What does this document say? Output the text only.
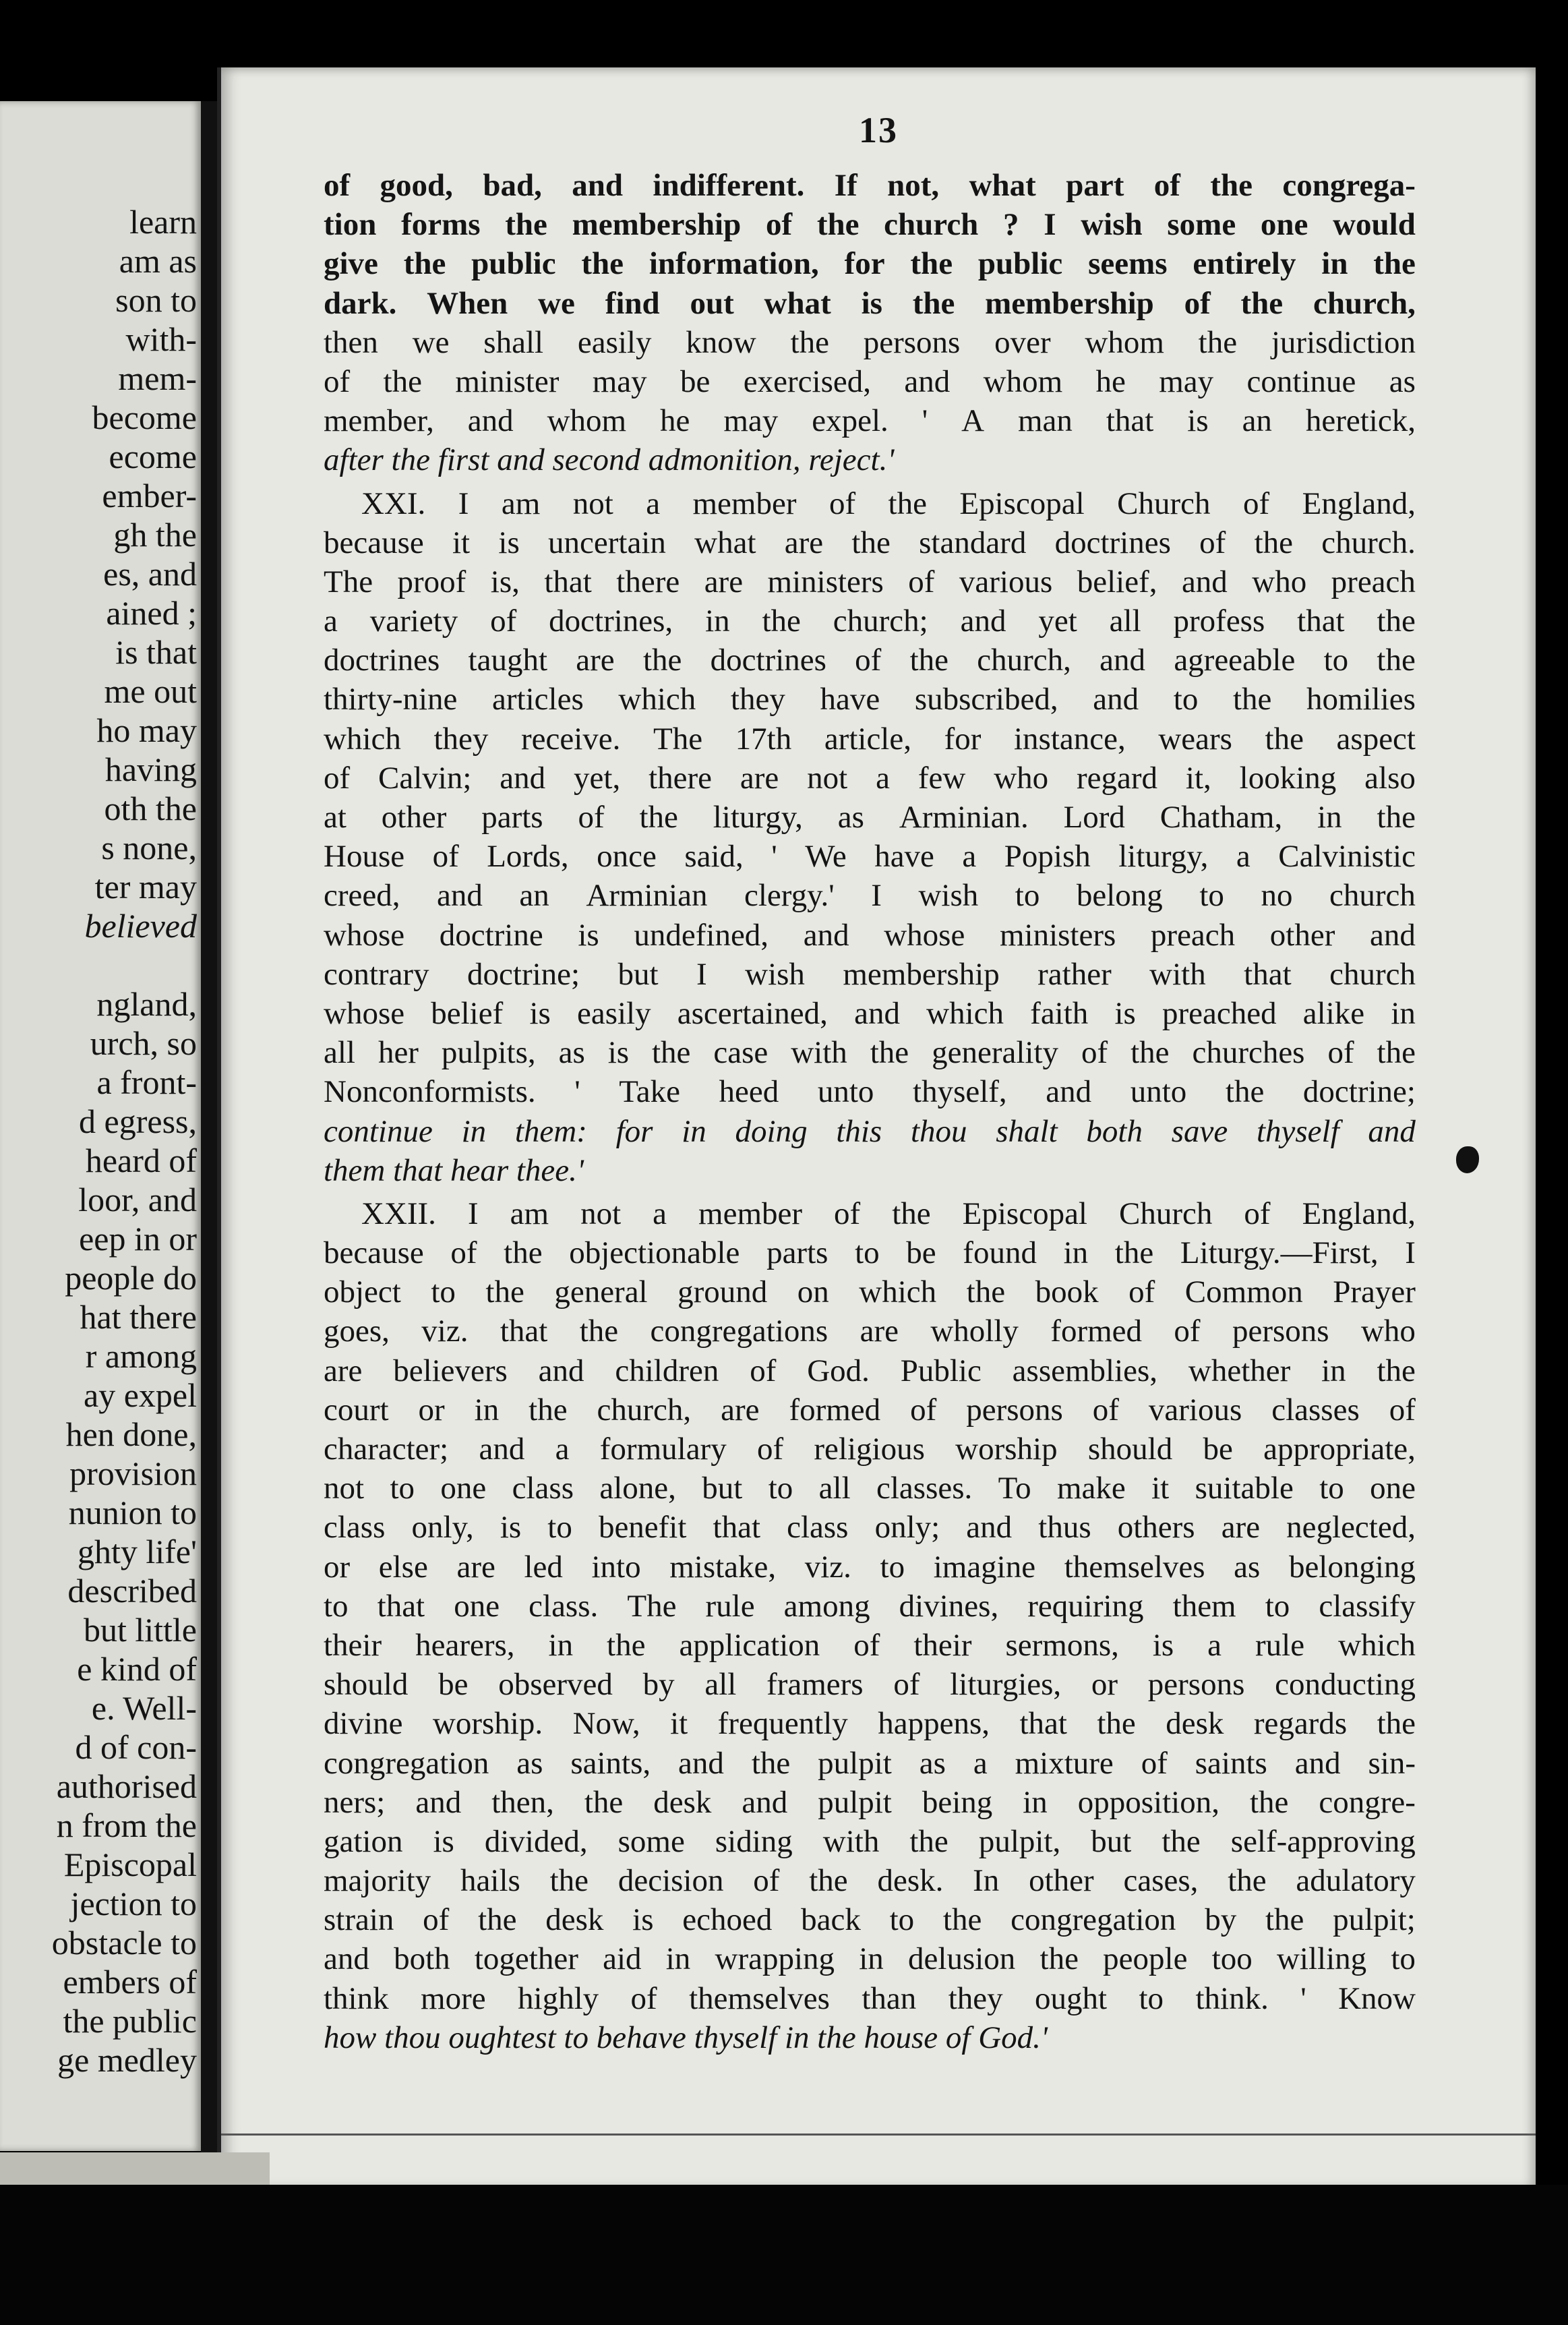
learn
am as
son to
with-
mem-
become
ecome
ember-
gh the
es, and
ained ;
is that
me out
ho may
having
oth the
s none,
ter may
believed
ngland,
urch, so
a front-
d egress,
heard of
loor, and
eep in or
people do
hat there
r among
ay expel
hen done,
provision
nunion to
ghty life'
described
but little
e kind of
e. Well-
d of con-
authorised
n from the
Episcopal
jection to
obstacle to
embers of
the public
ge medley
13
of good, bad, and indifferent. If not, what part of the congrega-
tion forms the membership of the church ? I wish some one would
give the public the information, for the public seems entirely in the
dark. When we find out what is the membership of the church,
then we shall easily know the persons over whom the jurisdiction
of the minister may be exercised, and whom he may continue as
member, and whom he may expel. ' A man that is an heretick,
after the first and second admonition, reject.'
XXI. I am not a member of the Episcopal Church of England,
because it is uncertain what are the standard doctrines of the church.
The proof is, that there are ministers of various belief, and who preach
a variety of doctrines, in the church; and yet all profess that the
doctrines taught are the doctrines of the church, and agreeable to the
thirty-nine articles which they have subscribed, and to the homilies
which they receive. The 17th article, for instance, wears the aspect
of Calvin; and yet, there are not a few who regard it, looking also
at other parts of the liturgy, as Arminian. Lord Chatham, in the
House of Lords, once said, ' We have a Popish liturgy, a Calvinistic
creed, and an Arminian clergy.' I wish to belong to no church
whose doctrine is undefined, and whose ministers preach other and
contrary doctrine; but I wish membership rather with that church
whose belief is easily ascertained, and which faith is preached alike in
all her pulpits, as is the case with the generality of the churches of the
Nonconformists. ' Take heed unto thyself, and unto the doctrine;
continue in them: for in doing this thou shalt both save thyself and
them that hear thee.'
XXII. I am not a member of the Episcopal Church of England,
because of the objectionable parts to be found in the Liturgy.—First, I
object to the general ground on which the book of Common Prayer
goes, viz. that the congregations are wholly formed of persons who
are believers and children of God. Public assemblies, whether in the
court or in the church, are formed of persons of various classes of
character; and a formulary of religious worship should be appropriate,
not to one class alone, but to all classes. To make it suitable to one
class only, is to benefit that class only; and thus others are neglected,
or else are led into mistake, viz. to imagine themselves as belonging
to that one class. The rule among divines, requiring them to classify
their hearers, in the application of their sermons, is a rule which
should be observed by all framers of liturgies, or persons conducting
divine worship. Now, it frequently happens, that the desk regards the
congregation as saints, and the pulpit as a mixture of saints and sin-
ners; and then, the desk and pulpit being in opposition, the congre-
gation is divided, some siding with the pulpit, but the self-approving
majority hails the decision of the desk. In other cases, the adulatory
strain of the desk is echoed back to the congregation by the pulpit;
and both together aid in wrapping in delusion the people too willing to
think more highly of themselves than they ought to think. ' Know
how thou oughtest to behave thyself in the house of God.'
